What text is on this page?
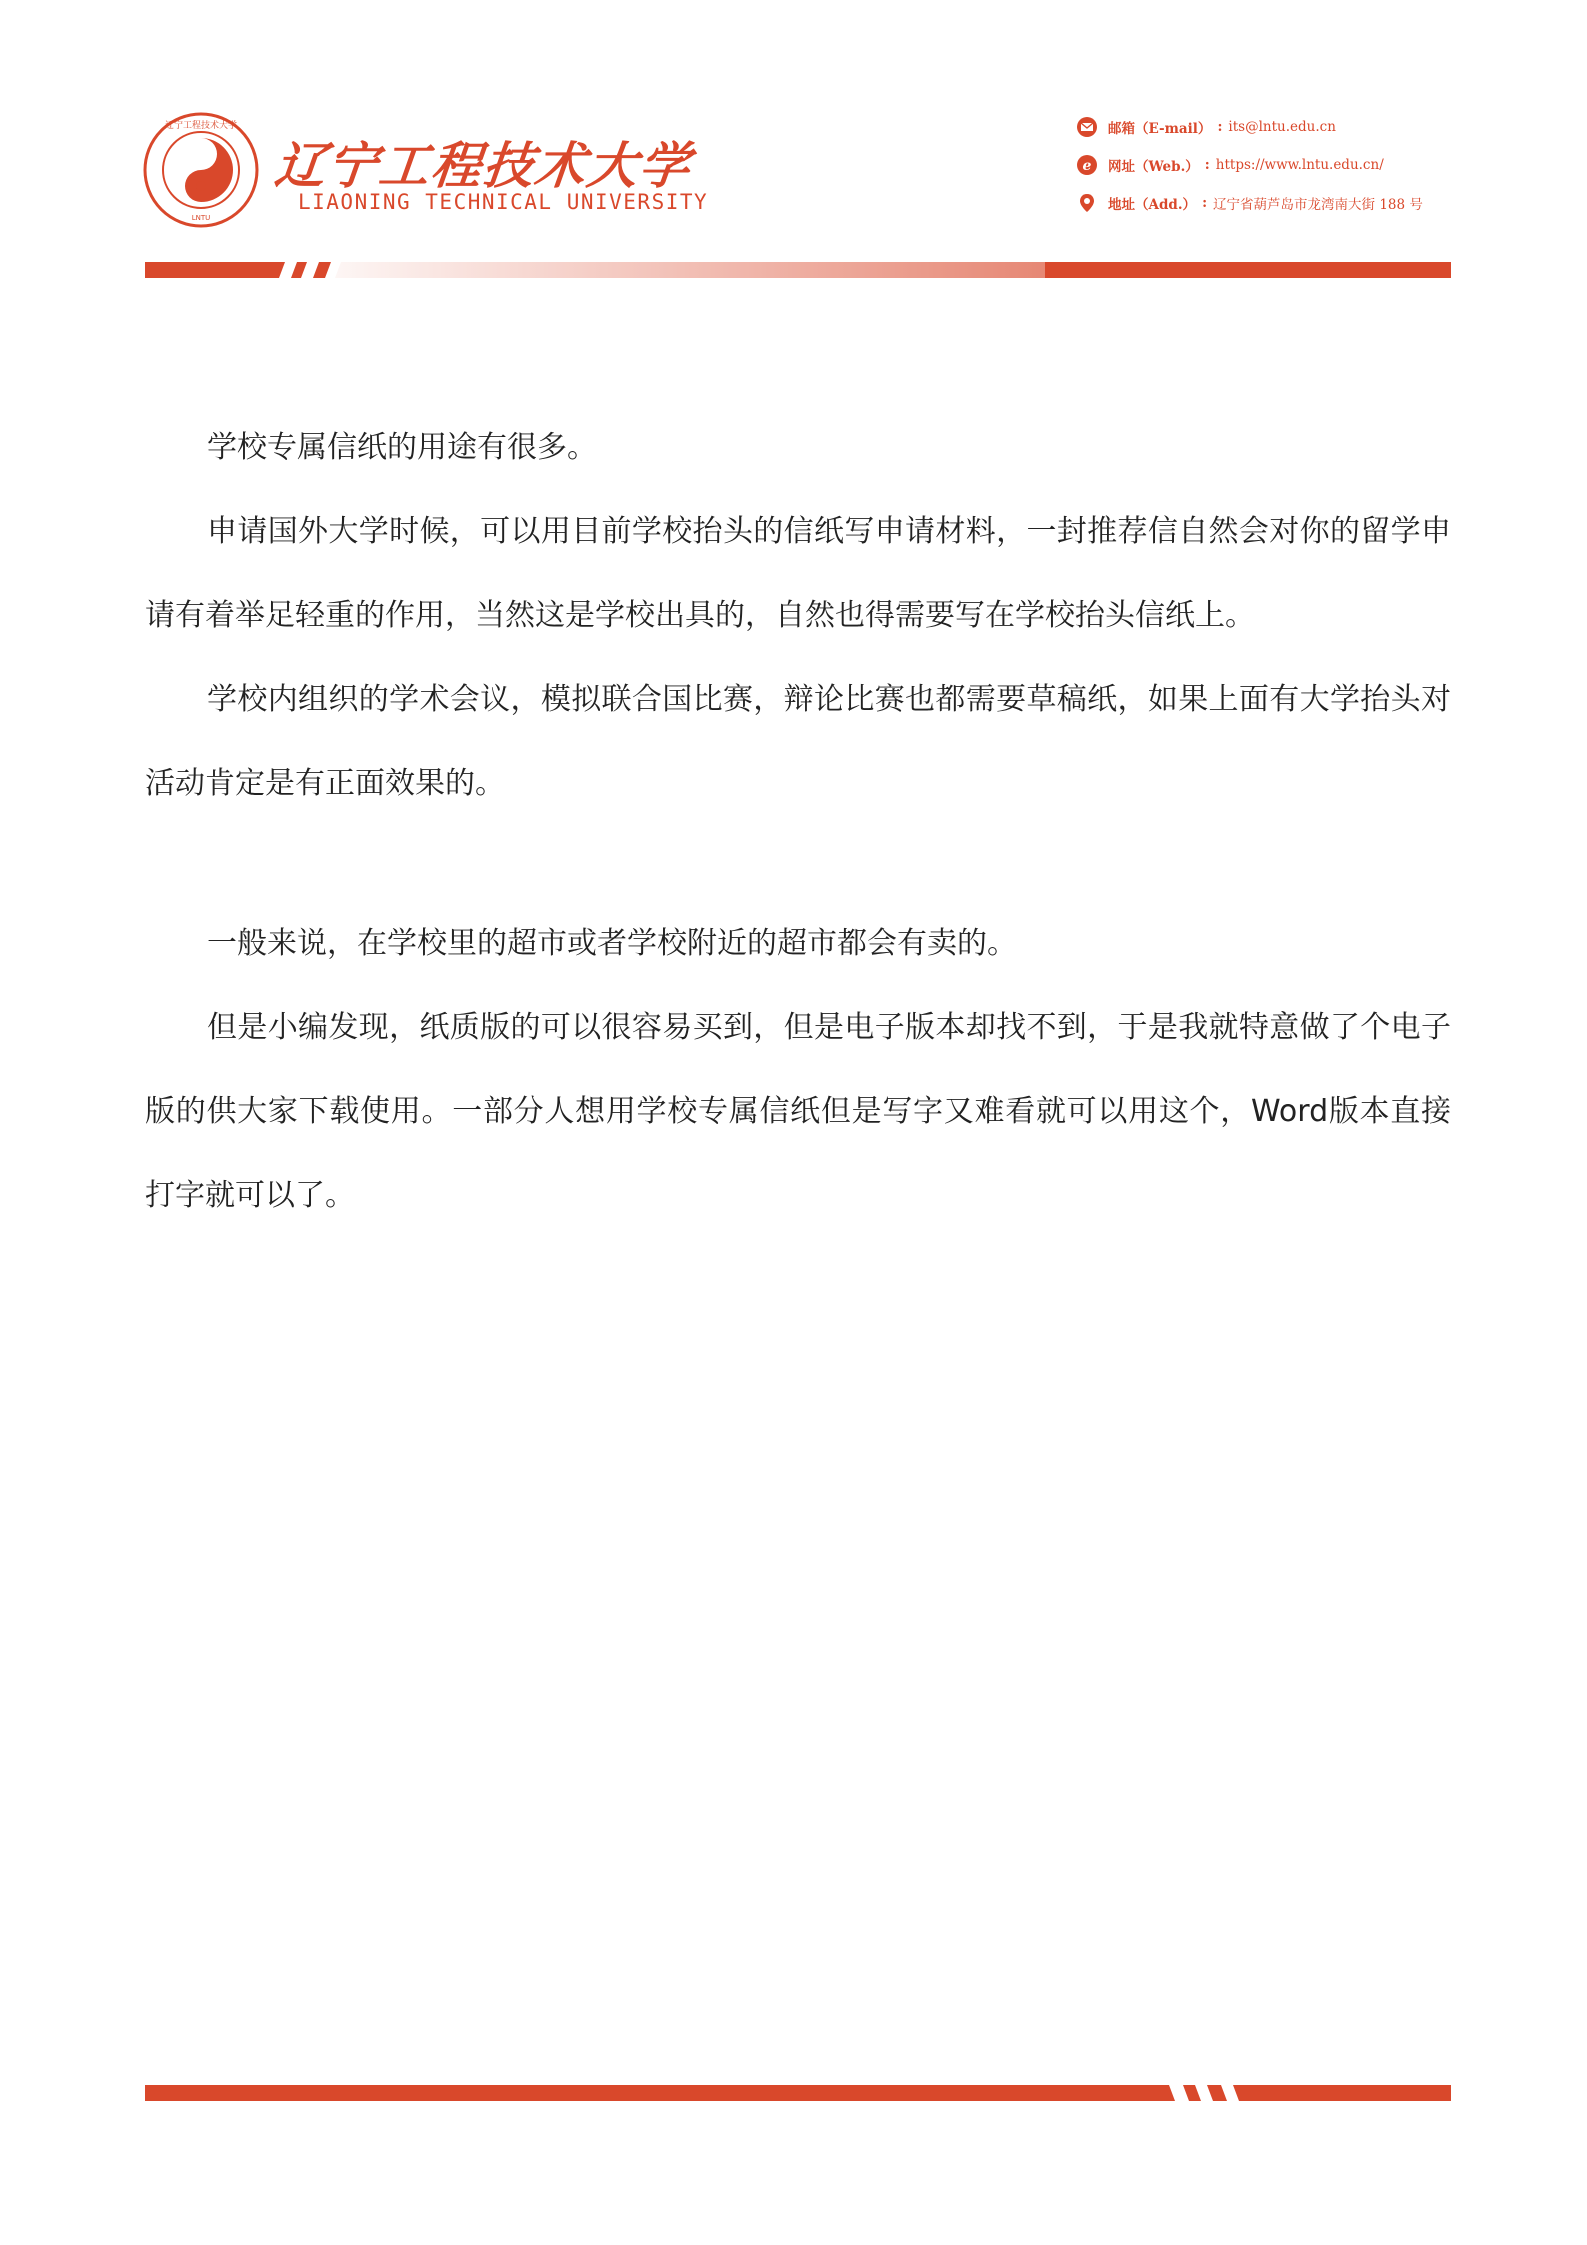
辽宁工程技术大学
LNTU
辽宁工程技术大学
LIAONING TECHNICAL UNIVERSITY
邮箱（E-mail） : its@lntu.edu.cn
e 网址（Web.） : https://www.lntu.edu.cn/
地址（Add.） : 辽宁省葫芦岛市龙湾南大街 188 号

学校专属信纸的用途有很多。

申请国外大学时候，可以用目前学校抬头的信纸写申请材料，一封推荐信自然会对你的留学申请有着举足轻重的作用，当然这是学校出具的，自然也得需要写在学校抬头信纸上。

学校内组织的学术会议，模拟联合国比赛，辩论比赛也都需要草稿纸，如果上面有大学抬头对活动肯定是有正面效果的。

一般来说，在学校里的超市或者学校附近的超市都会有卖的。

但是小编发现，纸质版的可以很容易买到，但是电子版本却找不到，于是我就特意做了个电子版的供大家下载使用。一部分人想用学校专属信纸但是写字又难看就可以用这个，Word版本直接打字就可以了。
